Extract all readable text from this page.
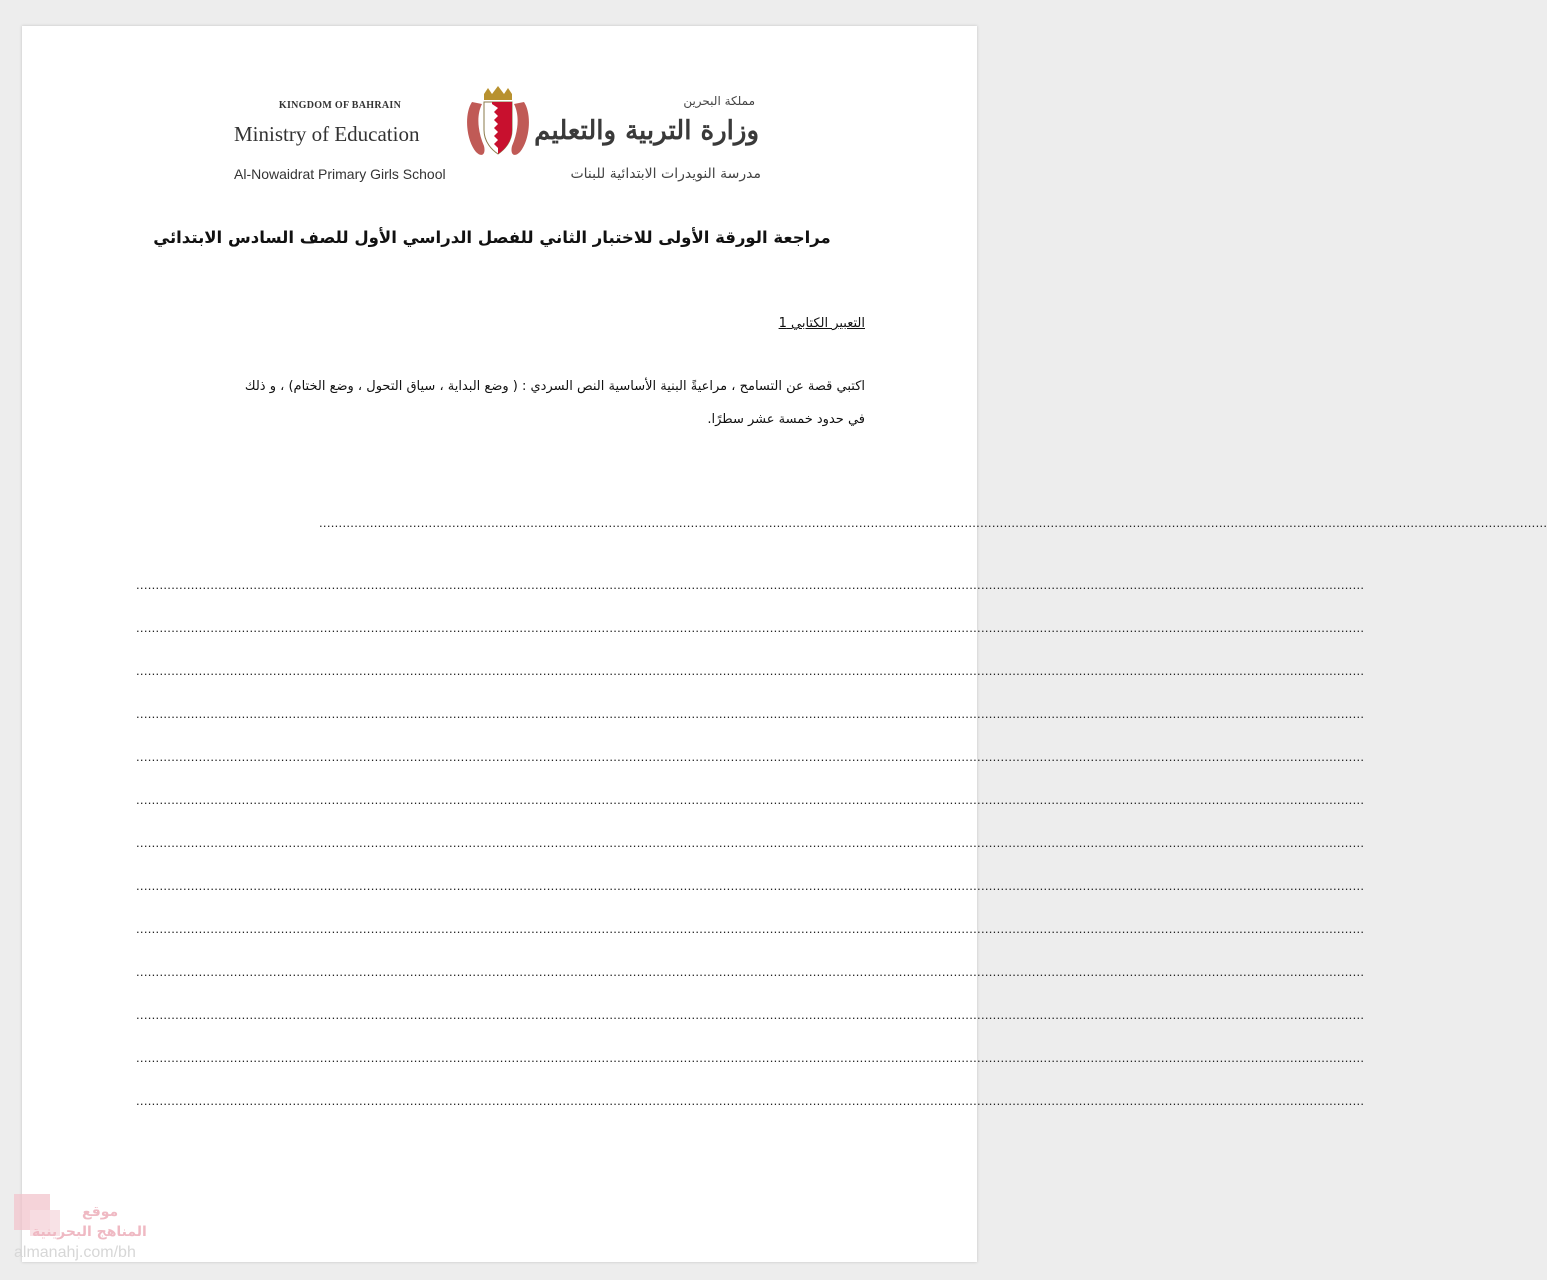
KINGDOM OF BAHRAIN
Ministry of Education
Al-Nowaidrat Primary Girls School
مملكة البحرين
وزارة التربية والتعليم
مدرسة النويدرات الابتدائية للبنات
مراجعة الورقة الأولى للاختبار الثاني للفصل الدراسي الأول للصف السادس الابتدائي
التعبير الكتابي 1
اكتبي قصة عن التسامح ، مراعيةً البنية الأساسية النص السردي : ( وضع البداية ، سياق التحول ، وضع الختام) ، و ذلك
في حدود خمسة عشر سطرًا.
..........................................................................................................................................................................................................................................................................................................................
..........................................................................................................................................................................................................................................................................................................................
..........................................................................................................................................................................................................................................................................................................................
..........................................................................................................................................................................................................................................................................................................................
..........................................................................................................................................................................................................................................................................................................................
..........................................................................................................................................................................................................................................................................................................................
..........................................................................................................................................................................................................................................................................................................................
..........................................................................................................................................................................................................................................................................................................................
..........................................................................................................................................................................................................................................................................................................................
..........................................................................................................................................................................................................................................................................................................................
..........................................................................................................................................................................................................................................................................................................................
..........................................................................................................................................................................................................................................................................................................................
..........................................................................................................................................................................................................................................................................................................................
..........................................................................................................................................................................................................................................................................................................................
موقع
المناهج البحرينية
almanahj.com/bh
